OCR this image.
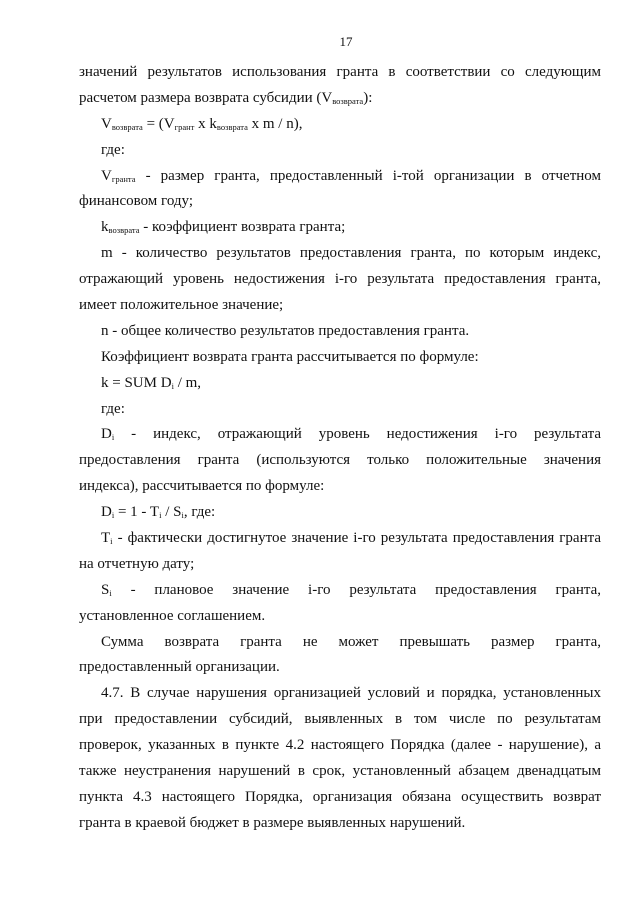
17
значений результатов использования гранта в соответствии со следующим
расчетом размера возврата субсидии $(V_{возврата})$:
$V_{возврата} = (V_{грант}$ x $k_{возврата}$ x m / n),
где:
$V_{гранта}$ - размер гранта, предоставленный i-той организации в отчетном
финансовом году;
$k_{возврата}$ - коэффициент возврата гранта;
m - количество результатов предоставления гранта, по которым индекс,
отражающий уровень недостижения i-го результата предоставления гранта,
имеет положительное значение;
n - общее количество результатов предоставления гранта.
Коэффициент возврата гранта рассчитывается по формуле:
k = SUM $D_i$ / m,
где:
$D_i$ - индекс, отражающий уровень недостижения i-го результата
предоставления гранта (используются только положительные значения
индекса), рассчитывается по формуле:
$D_i = 1 - T_i / S_i$, где:
$T_i$ - фактически достигнутое значение i-го результата предоставления гранта
на отчетную дату;
$S_i$ - плановое значение i-го результата предоставления гранта,
установленное соглашением.
Сумма возврата гранта не может превышать размер гранта,
предоставленный организации.
4.7. В случае нарушения организацией условий и порядка, установленных
при предоставлении субсидий, выявленных в том числе по результатам
проверок, указанных в пункте 4.2 настоящего Порядка (далее - нарушение), а
также неустранения нарушений в срок, установленный абзацем двенадцатым
пункта 4.3 настоящего Порядка, организация обязана осуществить возврат
гранта в краевой бюджет в размере выявленных нарушений.
